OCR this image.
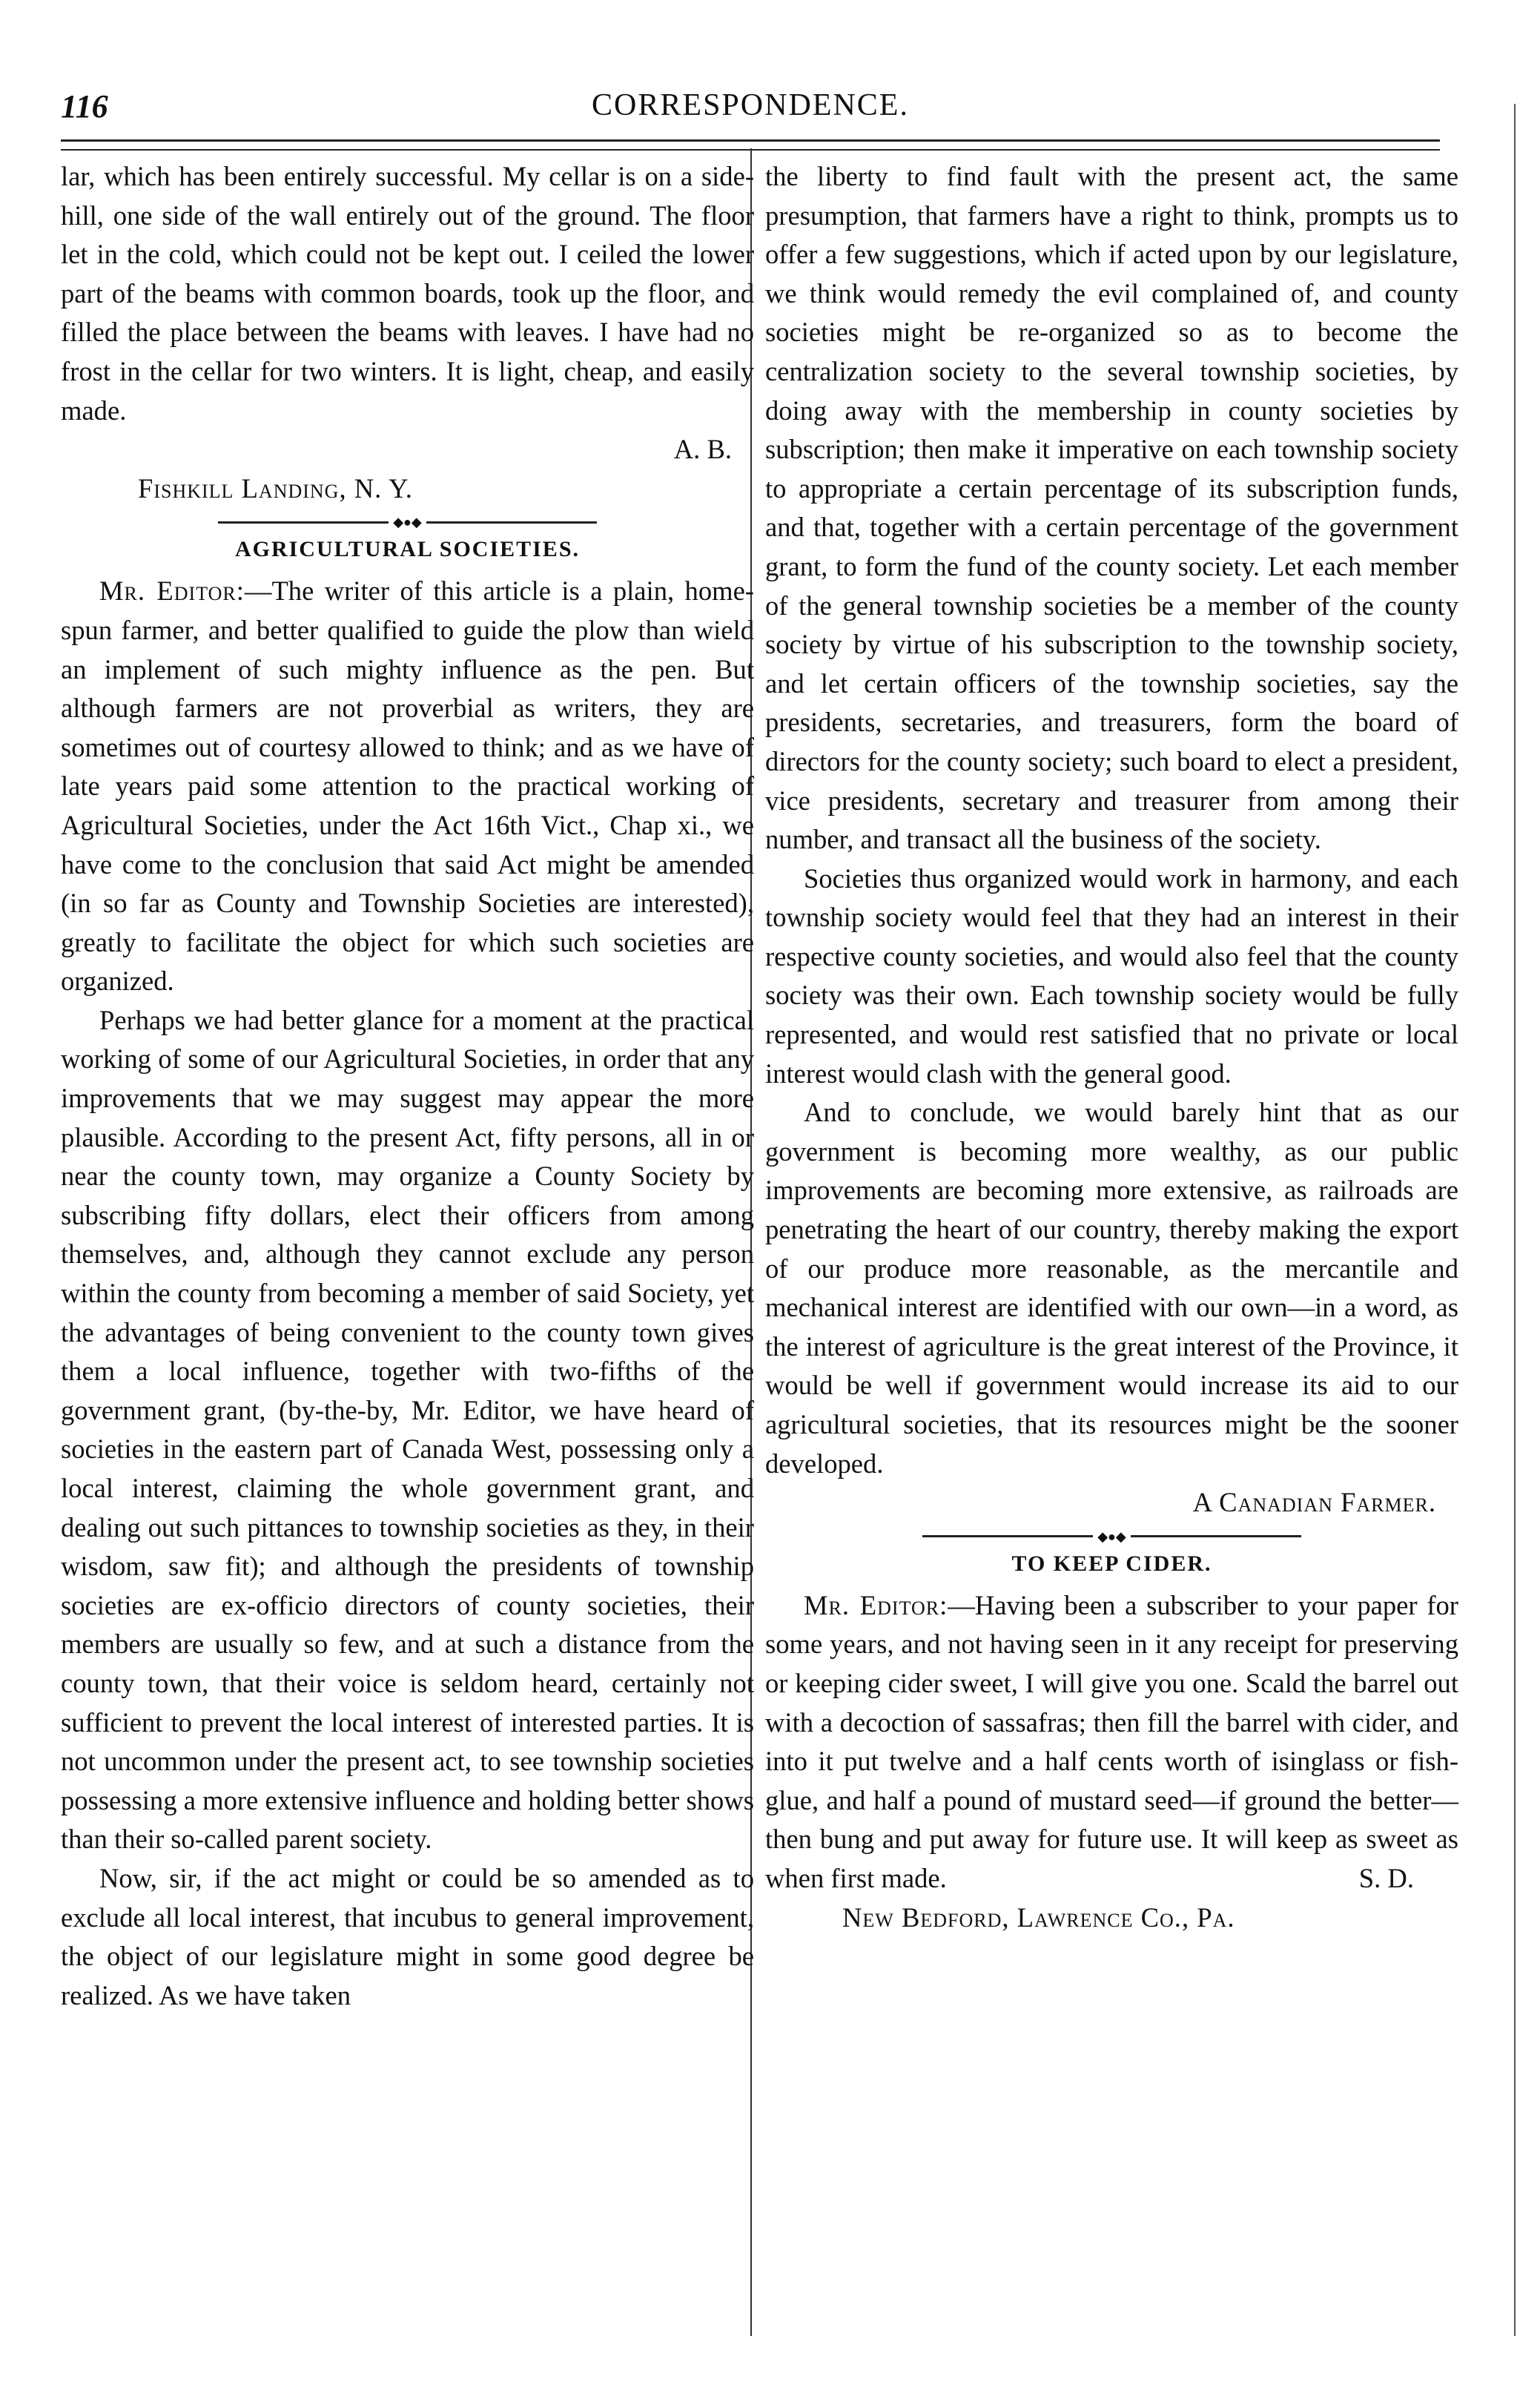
116	CORRESPONDENCE.

lar, which has been entirely successful. My cellar is on a side-hill, one side of the wall entirely out of the ground. The floor let in the cold, which could not be kept out. I ceiled the lower part of the beams with common boards, took up the floor, and filled the place between the beams with leaves. I have had no frost in the cellar for two winters. It is light, cheap, and easily made.

A. B.

Fishkill Landing, N. Y.

◆●◆
AGRICULTURAL SOCIETIES.

Mr. Editor:—The writer of this article is a plain, home-spun farmer, and better qualified to guide the plow than wield an implement of such mighty influence as the pen. But although farmers are not proverbial as writers, they are sometimes out of courtesy allowed to think; and as we have of late years paid some attention to the practical working of Agricultural Societies, under the Act 16th Vict., Chap xi., we have come to the conclusion that said Act might be amended (in so far as County and Township Societies are interested), greatly to facilitate the object for which such societies are organized.

Perhaps we had better glance for a moment at the practical working of some of our Agricultural Societies, in order that any improvements that we may suggest may appear the more plausible. According to the present Act, fifty persons, all in or near the county town, may organize a County Society by subscribing fifty dollars, elect their officers from among themselves, and, although they cannot exclude any person within the county from becoming a member of said Society, yet the advantages of being convenient to the county town gives them a local influence, together with two-fifths of the government grant, (by-the-by, Mr. Editor, we have heard of societies in the eastern part of Canada West, possessing only a local interest, claiming the whole government grant, and dealing out such pittances to township societies as they, in their wisdom, saw fit); and although the presidents of township societies are ex-officio directors of county societies, their members are usually so few, and at such a distance from the county town, that their voice is seldom heard, certainly not sufficient to prevent the local interest of interested parties. It is not uncommon under the present act, to see township societies possessing a more extensive influence and holding better shows than their so-called parent society.

Now, sir, if the act might or could be so amended as to exclude all local interest, that incubus to general improvement, the object of our legislature might in some good degree be realized. As we have taken

the liberty to find fault with the present act, the same presumption, that farmers have a right to think, prompts us to offer a few suggestions, which if acted upon by our legislature, we think would remedy the evil complained of, and county societies might be re-organized so as to become the centralization society to the several township societies, by doing away with the membership in county societies by subscription; then make it imperative on each township society to appropriate a certain percentage of its subscription funds, and that, together with a certain percentage of the government grant, to form the fund of the county society. Let each member of the general township societies be a member of the county society by virtue of his subscription to the township society, and let certain officers of the township societies, say the presidents, secretaries, and treasurers, form the board of directors for the county society; such board to elect a president, vice presidents, secretary and treasurer from among their number, and transact all the business of the society.

Societies thus organized would work in harmony, and each township society would feel that they had an interest in their respective county societies, and would also feel that the county society was their own. Each township society would be fully represented, and would rest satisfied that no private or local interest would clash with the general good.

And to conclude, we would barely hint that as our government is becoming more wealthy, as our public improvements are becoming more extensive, as railroads are penetrating the heart of our country, thereby making the export of our produce more reasonable, as the mercantile and mechanical interest are identified with our own—in a word, as the interest of agriculture is the great interest of the Province, it would be well if government would increase its aid to our agricultural societies, that its resources might be the sooner developed.

A Canadian Farmer.

◆●◆
TO KEEP CIDER.

Mr. Editor:—Having been a subscriber to your paper for some years, and not having seen in it any receipt for preserving or keeping cider sweet, I will give you one. Scald the barrel out with a decoction of sassafras; then fill the barrel with cider, and into it put twelve and a half cents worth of isinglass or fish-glue, and half a pound of mustard seed—if ground the better—then bung and put away for future use. It will keep as sweet as when first made.	S. D.

New Bedford, Lawrence Co., Pa.
